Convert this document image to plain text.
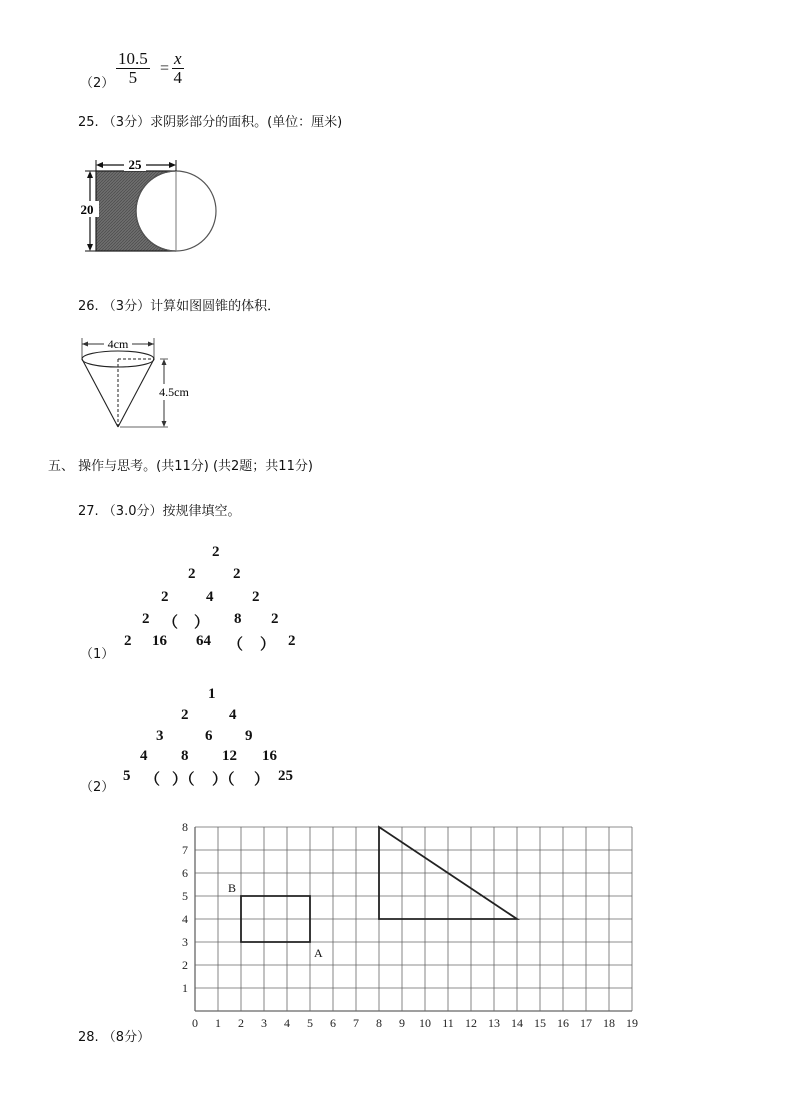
$(2) \frac{10.5}{5} = \frac{x}{4}$
25. （3分）求阴影部分的面积。(单位：厘米)
25
20
26. （3分）计算如图圆锥的体积．
4cm
4.5cm
五、 操作与思考。(共11分) (共2题；共11分)
27. （3.0分）按规律填空。
2
2	2
2	4	2
2 （ ） 8 2
2 16 64 （ ） 2
（1）
1
2	4
3	6 9
4 8 12 16
5 （ ）（ ）（ ） 25
（2）
0 1 2 3 4 5 6 7 8 9 10 11 12 13 14 15 16 17 18 19
1
2
3
4
5
6
7
8
A
B
28. （8分）
